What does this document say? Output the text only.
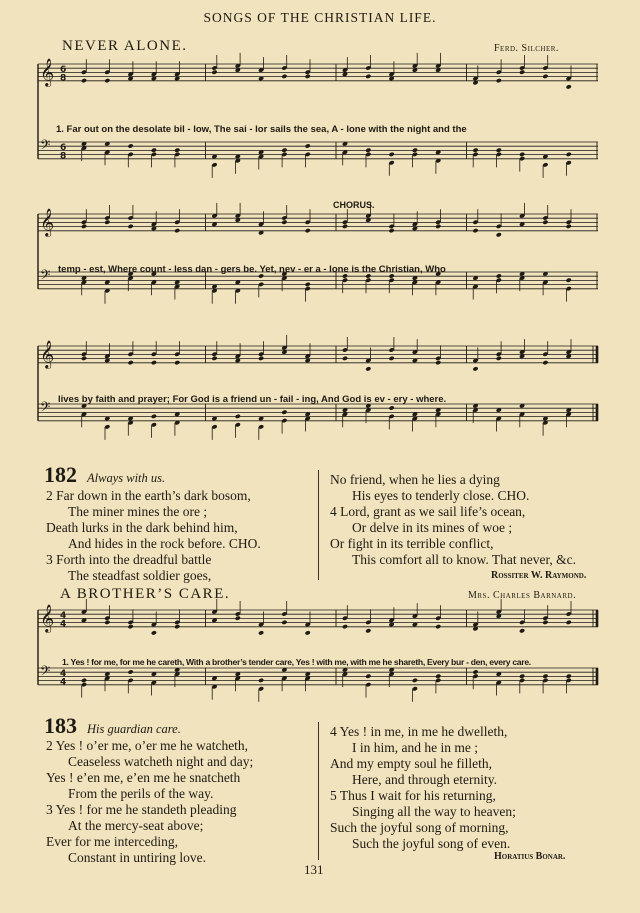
SONGS OF THE CHRISTIAN LIFE.
NEVER ALONE.	Ferd. Silcher.
𝄞 6
8
𝄢 6
8
1. Far out on the desolate bil - low, The sai - lor sails the sea, A - lone with the night and the
CHORUS.
𝄞
𝄢 temp - est, Where count - less dan - gers be. Yet, nev - er a - lone is the Christian, Who
𝄞
𝄢 lives by faith and prayer; For God is a friend un - fail - ing, And God is ev - ery - where.
182 Always with us.
2 Far down in the earth’s dark bosom,
The miner mines the ore ;
Death lurks in the dark behind him,
And hides in the rock before. CHO.
3 Forth into the dreadful battle
The steadfast soldier goes,
No friend, when he lies a dying
His eyes to tenderly close. CHO.
4 Lord, grant as we sail life’s ocean,
Or delve in its mines of woe ;
Or fight in its terrible conflict,
This comfort all to know. That never, &c.
Rossiter W. Raymond.
A BROTHER’S CARE.	Mrs. Charles Barnard.
𝄞 4
4
𝄢 4
4
1. Yes ! for me, for me he careth, With a brother’s tender care, Yes ! with me, with me he shareth, Every bur - den, every care.
183 His guardian care.
2 Yes ! o’er me, o’er me he watcheth,
Ceaseless watcheth night and day;
Yes ! e’en me, e’en me he snatcheth
From the perils of the way.
3 Yes ! for me he standeth pleading
At the mercy-seat above;
Ever for me interceding,
Constant in untiring love.
4 Yes ! in me, in me he dwelleth,
I in him, and he in me ;
And my empty soul he filleth,
Here, and through eternity.
5 Thus I wait for his returning,
Singing all the way to heaven;
Such the joyful song of morning,
Such the joyful song of even.
Horatius Bonar.
131
